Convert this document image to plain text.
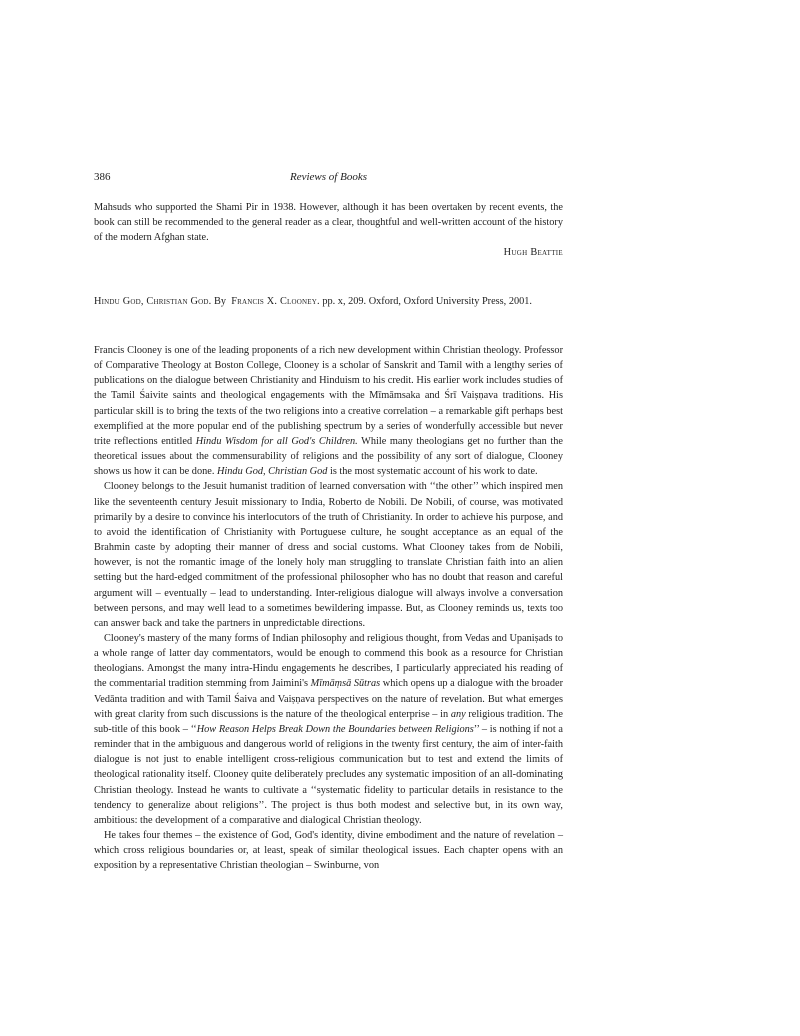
386	Reviews of Books

Mahsuds who supported the Shami Pir in 1938. However, although it has been overtaken by recent events, the book can still be recommended to the general reader as a clear, thoughtful and well-written account of the history of the modern Afghan state.

Hugh Beattie

Hindu God, Christian God. By Francis X. Clooney. pp. x, 209. Oxford, Oxford University Press, 2001.

Francis Clooney is one of the leading proponents of a rich new development within Christian theology. Professor of Comparative Theology at Boston College, Clooney is a scholar of Sanskrit and Tamil with a lengthy series of publications on the dialogue between Christianity and Hinduism to his credit. His earlier work includes studies of the Tamil Śaivite saints and theological engagements with the Mīmāmsaka and Śrī Vaiṣṇava traditions. His particular skill is to bring the texts of the two religions into a creative correlation – a remarkable gift perhaps best exemplified at the more popular end of the publishing spectrum by a series of wonderfully accessible but never trite reflections entitled Hindu Wisdom for all God's Children. While many theologians get no further than the theoretical issues about the commensurability of religions and the possibility of any sort of dialogue, Clooney shows us how it can be done. Hindu God, Christian God is the most systematic account of his work to date.

Clooney belongs to the Jesuit humanist tradition of learned conversation with ‘‘the other’’ which inspired men like the seventeenth century Jesuit missionary to India, Roberto de Nobili. De Nobili, of course, was motivated primarily by a desire to convince his interlocutors of the truth of Christianity. In order to achieve his purpose, and to avoid the identification of Christianity with Portuguese culture, he sought acceptance as an equal of the Brahmin caste by adopting their manner of dress and social customs. What Clooney takes from de Nobili, however, is not the romantic image of the lonely holy man struggling to translate Christian faith into an alien setting but the hard-edged commitment of the professional philosopher who has no doubt that reason and careful argument will – eventually – lead to understanding. Inter-religious dialogue will always involve a conversation between persons, and may well lead to a sometimes bewildering impasse. But, as Clooney reminds us, texts too can answer back and take the partners in unpredictable directions.

Clooney's mastery of the many forms of Indian philosophy and religious thought, from Vedas and Upaniṣads to a whole range of latter day commentators, would be enough to commend this book as a resource for Christian theologians. Amongst the many intra-Hindu engagements he describes, I particularly appreciated his reading of the commentarial tradition stemming from Jaimini's Mīmāṃsā Sūtras which opens up a dialogue with the broader Vedānta tradition and with Tamil Śaiva and Vaiṣṇava perspectives on the nature of revelation. But what emerges with great clarity from such discussions is the nature of the theological enterprise – in any religious tradition. The sub-title of this book – ‘‘How Reason Helps Break Down the Boundaries between Religions’’ – is nothing if not a reminder that in the ambiguous and dangerous world of religions in the twenty first century, the aim of inter-faith dialogue is not just to enable intelligent cross-religious communication but to test and extend the limits of theological rationality itself. Clooney quite deliberately precludes any systematic imposition of an all-dominating Christian theology. Instead he wants to cultivate a ‘‘systematic fidelity to particular details in resistance to the tendency to generalize about religions’’. The project is thus both modest and selective but, in its own way, ambitious: the development of a comparative and dialogical Christian theology.

He takes four themes – the existence of God, God's identity, divine embodiment and the nature of revelation – which cross religious boundaries or, at least, speak of similar theological issues. Each chapter opens with an exposition by a representative Christian theologian – Swinburne, von
